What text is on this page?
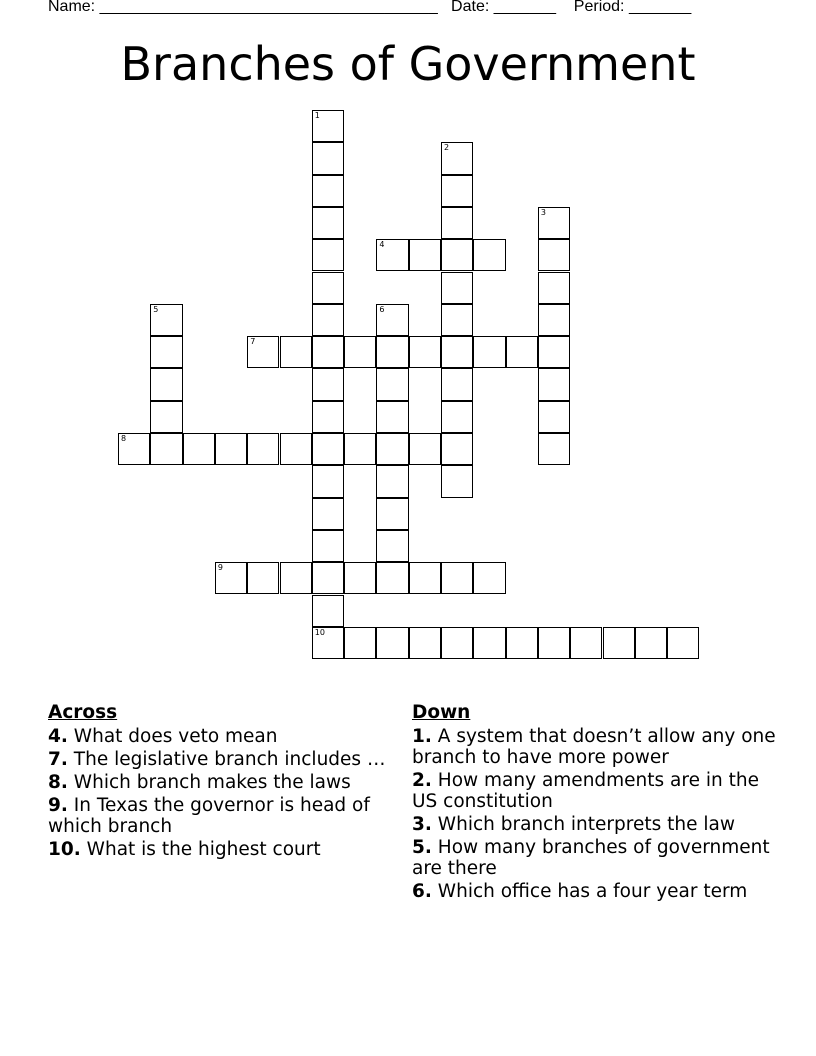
Name: ______________________________________   Date: _______    Period: _______
Branches of Government
1
10
2
3
4
5	6
7
8
9
Across
4. What does veto mean
7. The legislative branch includes …
8. Which branch makes the laws
9. In Texas the governor is head of which branch
10. What is the highest court
Down
1. A system that doesn’t allow any one branch to have more power
2. How many amendments are in the US constitution
3. Which branch interprets the law
5. How many branches of government are there
6. Which office has a four year term
